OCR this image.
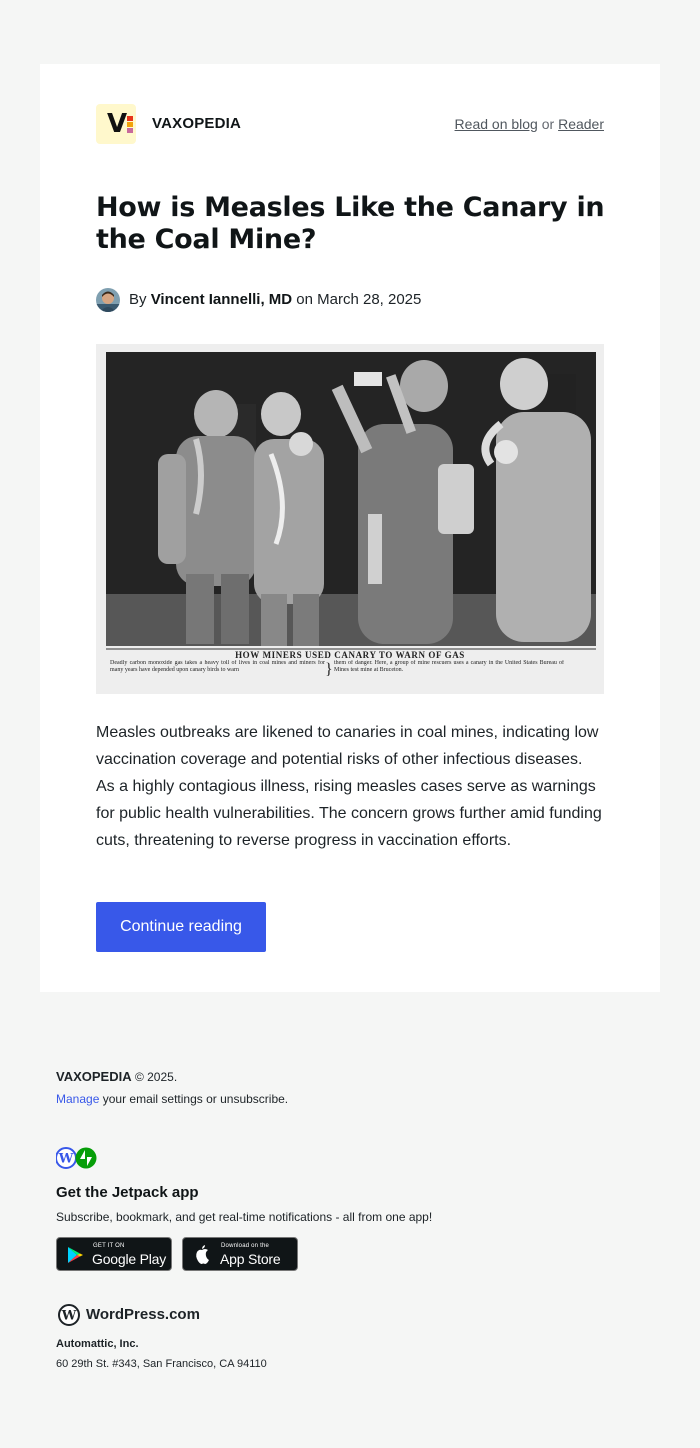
V VAXOPEDIA	Read on blog or Reader
How is Measles Like the Canary in the Coal Mine?
By
Vincent Iannelli, MD
on
March 28, 2025
HOW MINERS USED CANARY TO WARN OF GAS
Deadly carbon monoxide gas takes a heavy toll of lives in coal mines and miners for many years have depended upon canary birds to warn	} them of danger. Here, a group of mine rescuers uses a canary in the United States Bureau of Mines test mine at Bruceton.

Measles outbreaks are likened to canaries in coal mines, indicating low vaccination coverage and potential risks of other infectious diseases. As a highly contagious illness, rising measles cases serve as warnings for public health vulnerabilities. The concern grows further amid funding cuts, threatening to reverse progress in vaccination efforts.

Continue reading
VAXOPEDIA © 2025.
Manage your email settings or unsubscribe.
W
Get the Jetpack app
Subscribe, bookmark, and get real-time notifications - all from one app!
GET IT ON
Google Play
Download on the
App Store
W WordPress.com
Automattic, Inc.
60 29th St. #343, San Francisco, CA 94110
